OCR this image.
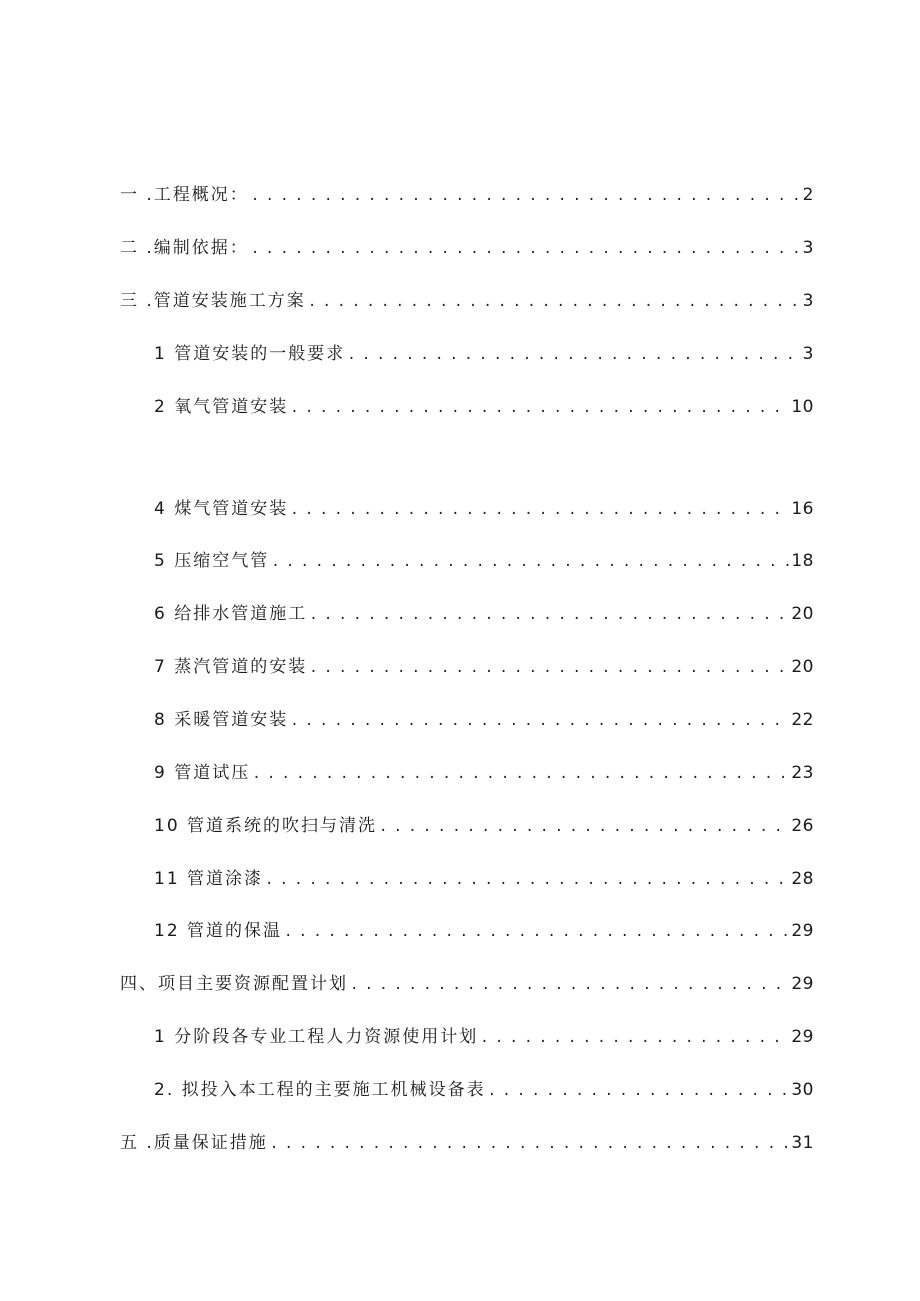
一 .工程概况： .....	2
二 .编制依据： .....	3
三 .管道安装施工方案 .....	3
1 管道安装的一般要求 .....	3
2 氧气管道安装 .....	10
4 煤气管道安装 .....	16
5 压缩空气管 .....	18
6 给排水管道施工 .....	20
7 蒸汽管道的安装 .....	20
8 采暖管道安装 .....	22
9 管道试压 .....	23
10 管道系统的吹扫与清洗 .....	26
11 管道涂漆 .....	28
12 管道的保温 .....	29
四、项目主要资源配置计划 .....	29
1 分阶段各专业工程人力资源使用计划 .....	29
2. 拟投入本工程的主要施工机械设备表 .....	30
五 .质量保证措施 .....	31
